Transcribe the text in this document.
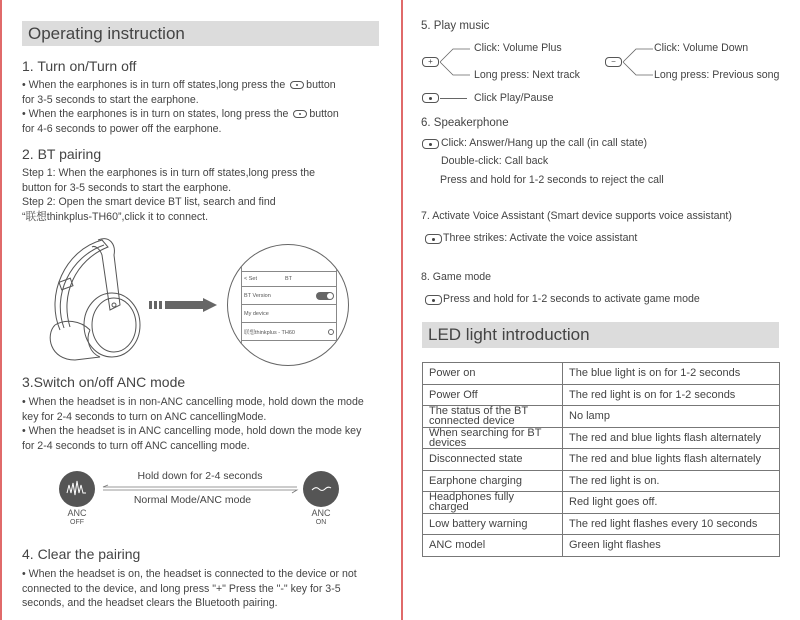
Operating instruction
1. Turn on/Turn off
• When the earphones is in turn off states,long press the button
for 3-5 seconds to start the earphone.
• When the earphones is in turn on states, long press the button
for 4-6 seconds to power off the earphone.
2. BT pairing
Step 1: When the earphones is in turn off states,long press the
button for 3-5 seconds to start the earphone.
Step 2: Open the smart device BT list, search and find
“联想thinkplus-TH60”,click it to connect.
< Set	BT
BT Version
My device
联想thinkplus - TH60
3.Switch on/off ANC mode
• When the headset is in non-ANC cancelling mode, hold down the mode
key for 2-4 seconds to turn on ANC cancellingMode.
• When the headset is in ANC cancelling mode, hold down the mode key
for 2-4 seconds to turn off ANC cancelling mode.
ANC
OFF
Hold down for 2-4 seconds
Normal Mode/ANC mode
ANC
ON
4. Clear the pairing
• When the headset is on, the headset is connected to the device or not
connected to the device, and long press "+" Press the "-" key for 3-5
seconds, and the headset clears the Bluetooth pairing.
5. Play music
+
Click: Volume Plus
Long press: Next track
−
Click: Volume Down
Long press: Previous song
Click Play/Pause
6. Speakerphone
Click: Answer/Hang up the call (in call state)
Double-click: Call back
Press and hold for 1-2 seconds to reject the call
7. Activate Voice Assistant (Smart device supports voice assistant)
Three strikes: Activate the voice assistant
8. Game mode
Press and hold for 1-2 seconds to activate game mode
LED light introduction
Power on	The blue light is on for 1-2 seconds
Power Off	The red light is on for 1-2 seconds
The status of the BT connected device	No lamp
When searching for BT devices	The red and blue lights flash alternately
Disconnected state	The red and blue lights flash alternately
Earphone charging	The red light is on.
Headphones fully charged	Red light goes off.
Low battery warning	The red light flashes every 10 seconds
ANC model	Green light flashes
